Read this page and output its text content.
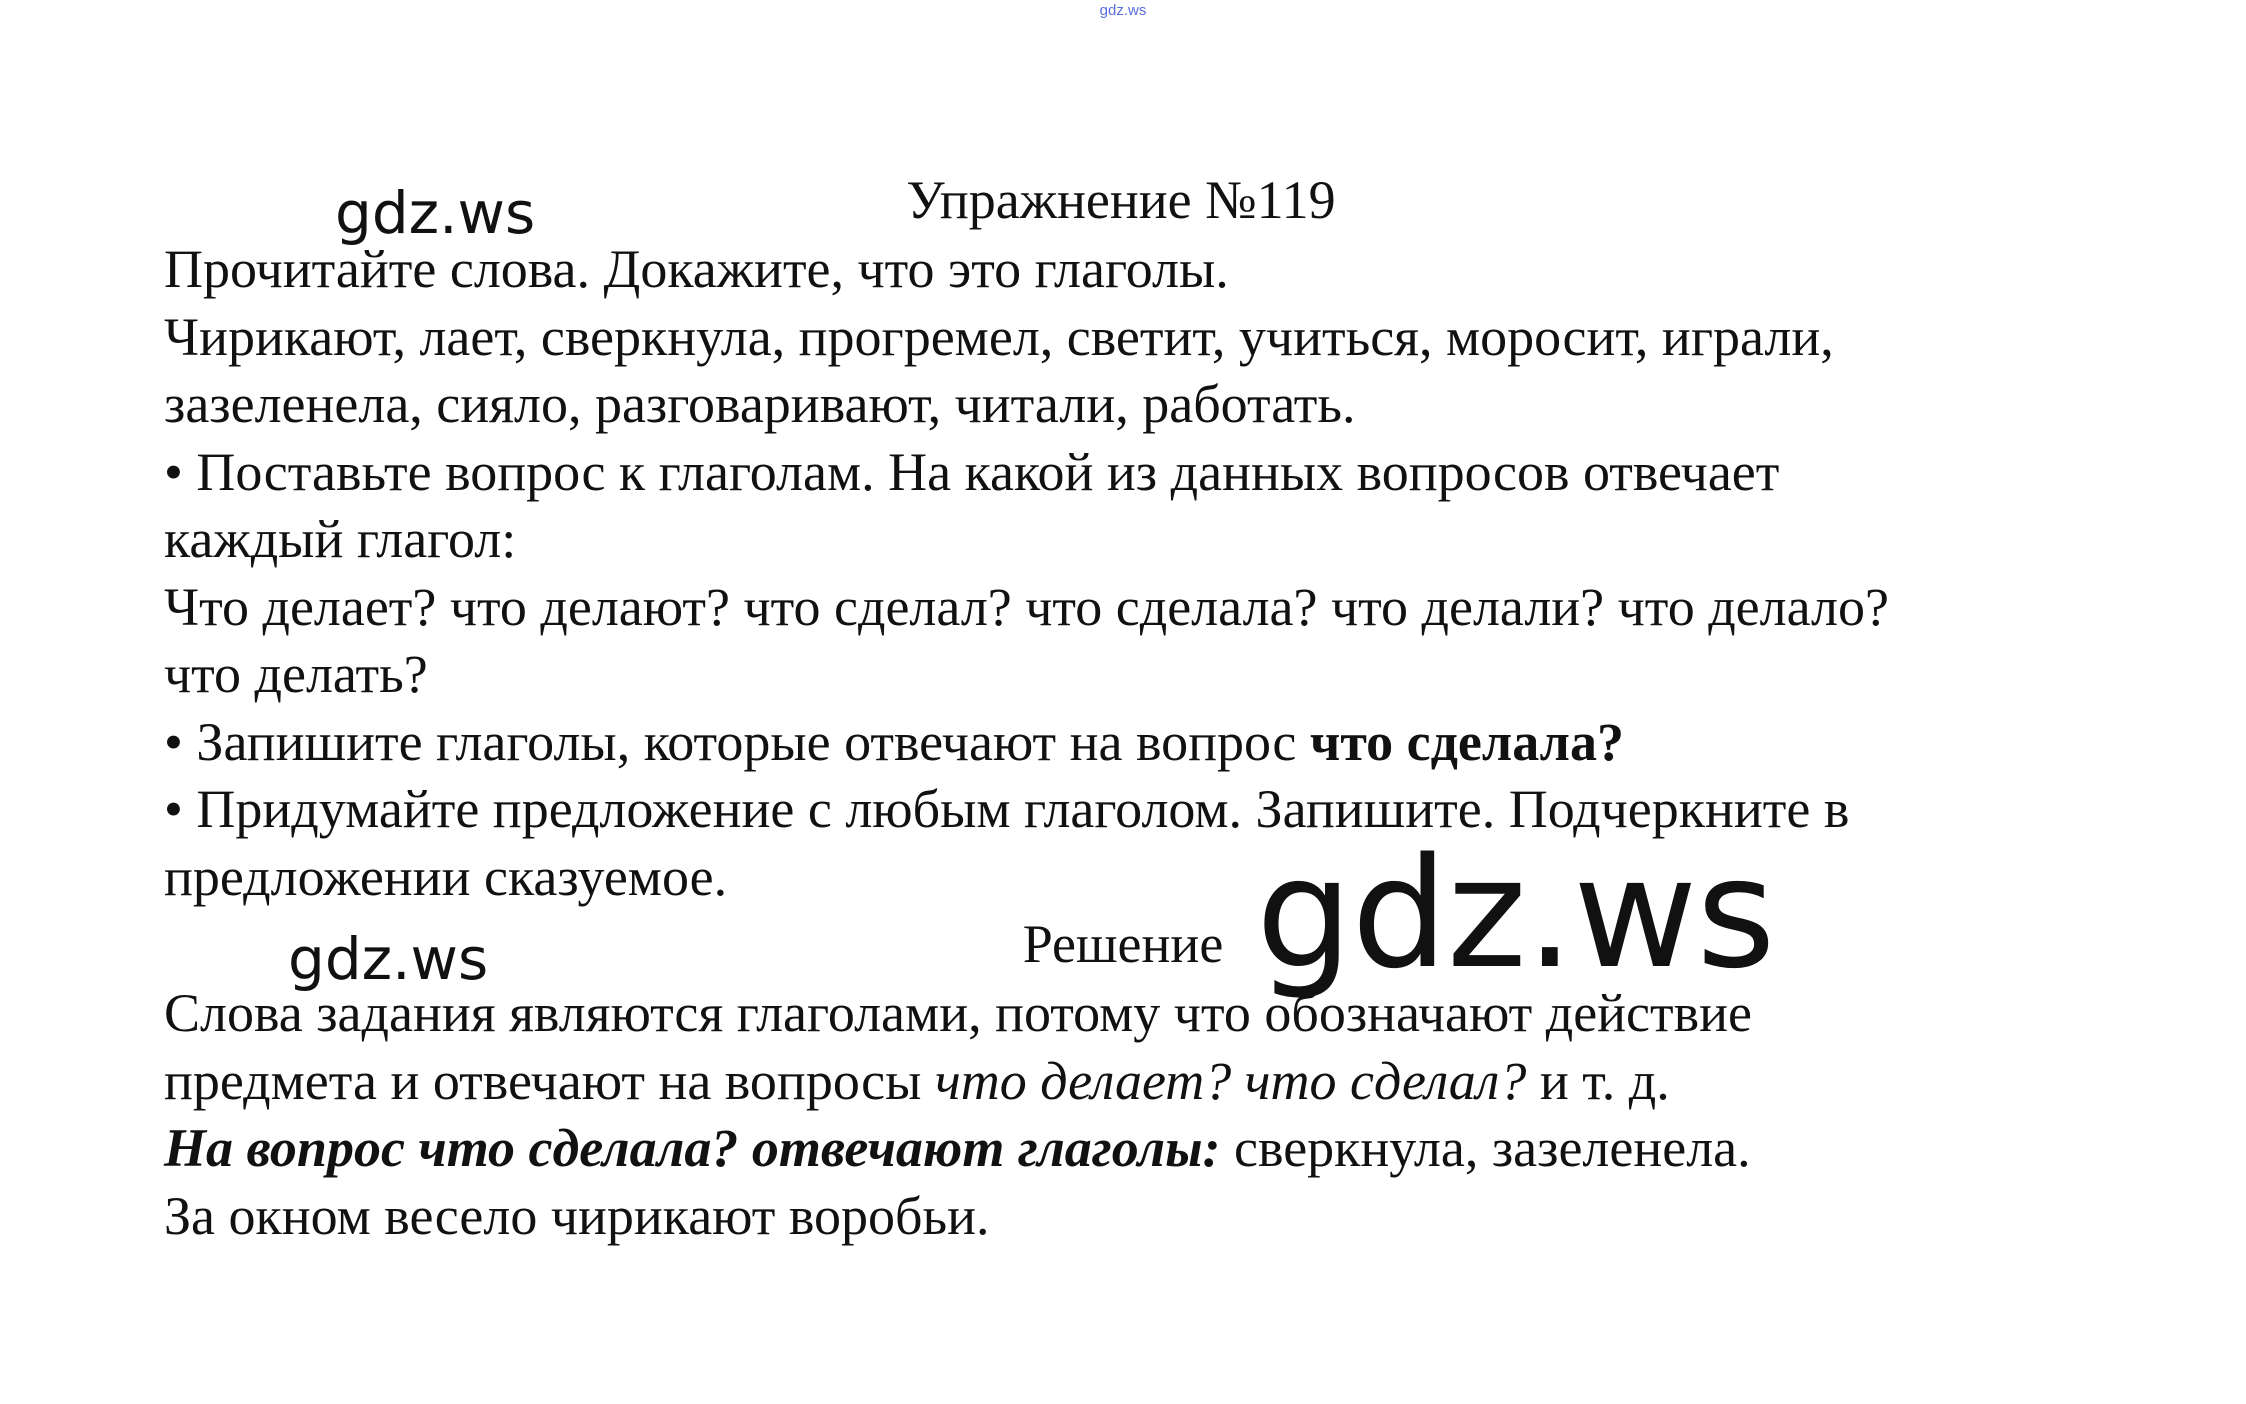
gdz.ws
Упражнение №119
Прочитайте слова. Докажите, что это глаголы.
Чирикают, лает, сверкнула, прогремел, светит, учиться, моросит, играли,
зазеленела, сияло, разговаривают, читали, работать.
• Поставьте вопрос к глаголам. На какой из данных вопросов отвечает
каждый глагол:
Что делает? что делают? что сделал? что сделала? что делали? что делало?
что делать?
• Запишите глаголы, которые отвечают на вопрос что сделала?
• Придумайте предложение с любым глаголом. Запишите. Подчеркните в
предложении сказуемое.
Решение
Слова задания являются глаголами, потому что обозначают действие
предмета и отвечают на вопросы что делает? что сделал? и т. д.
На вопрос что сделала? отвечают глаголы: сверкнула, зазеленела.
За окном весело чирикают воробьи.
gdz.ws
gdz.ws	gdz.ws
